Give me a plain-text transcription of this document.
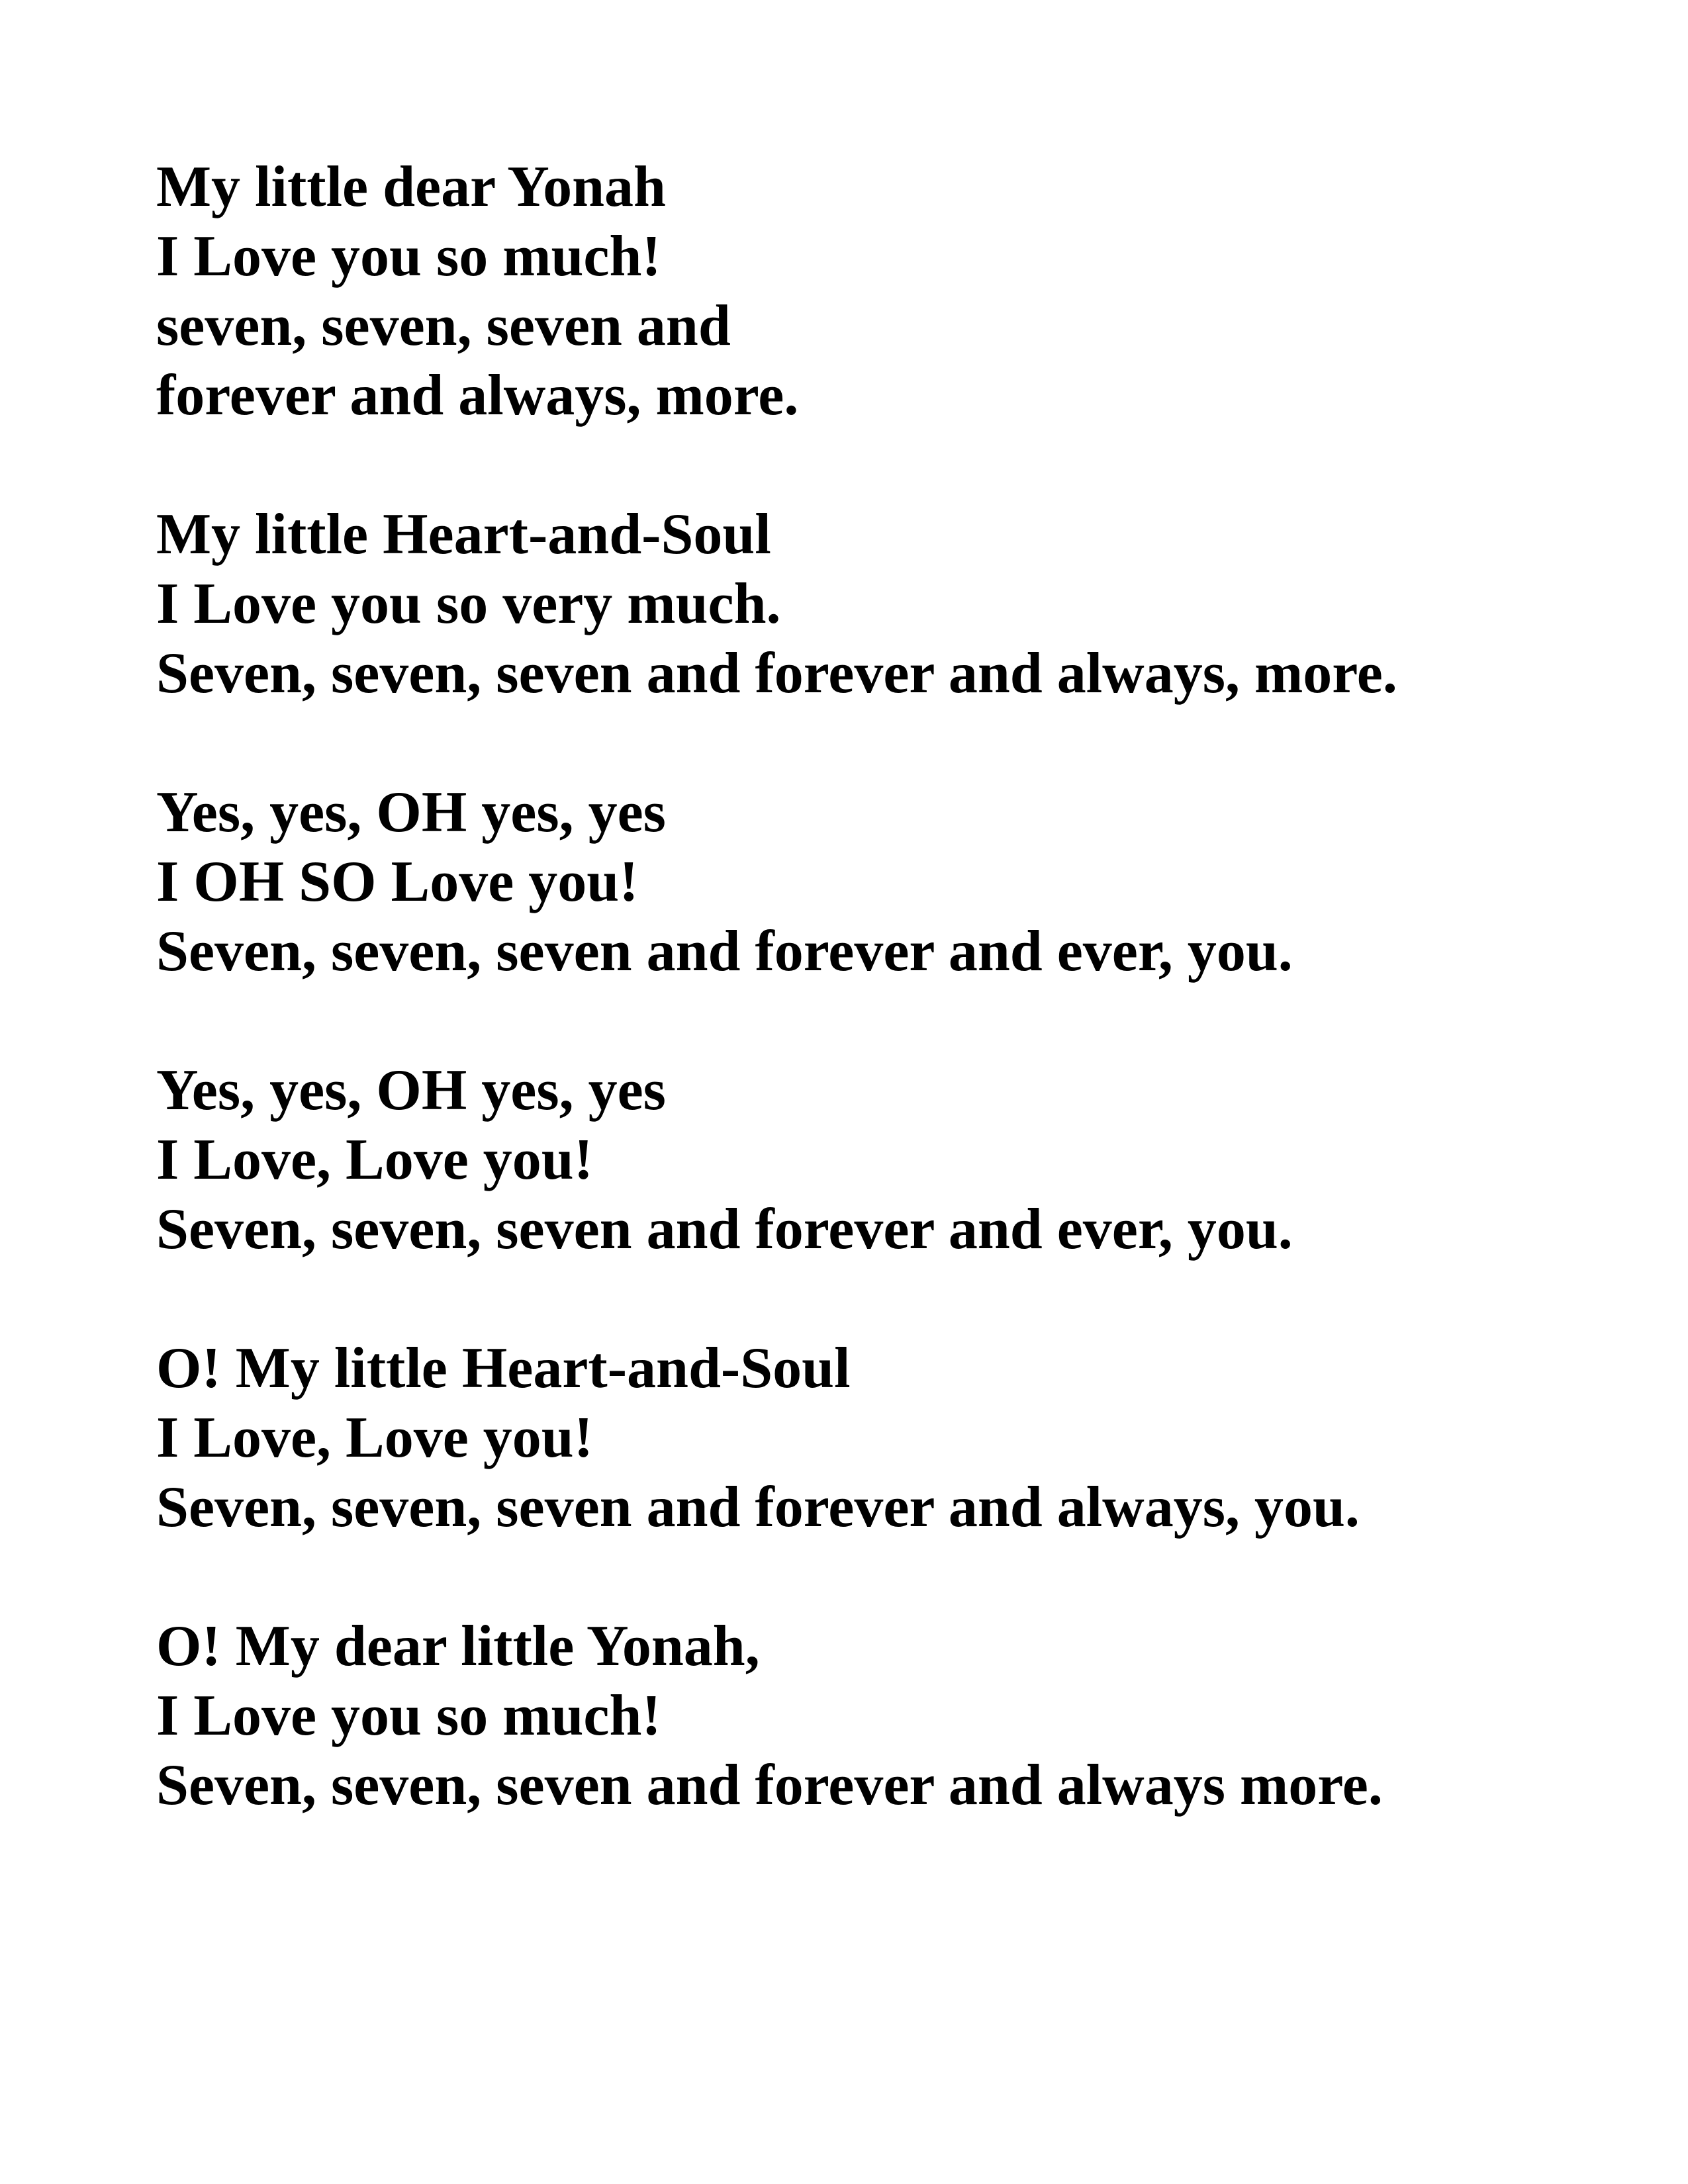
My little dear Yonah
I Love you so much!
seven, seven, seven and
forever and always, more.
My little Heart-and-Soul
I Love you so very much.
Seven, seven, seven and forever and always, more.
Yes, yes, OH yes, yes
I OH SO Love you!
Seven, seven, seven and forever and ever, you.
Yes, yes, OH yes, yes
I Love, Love you!
Seven, seven, seven and forever and ever, you.
O! My little Heart-and-Soul
I Love, Love you!
Seven, seven, seven and forever and always, you.
O! My dear little Yonah,
I Love you so much!
Seven, seven, seven and forever and always more.
